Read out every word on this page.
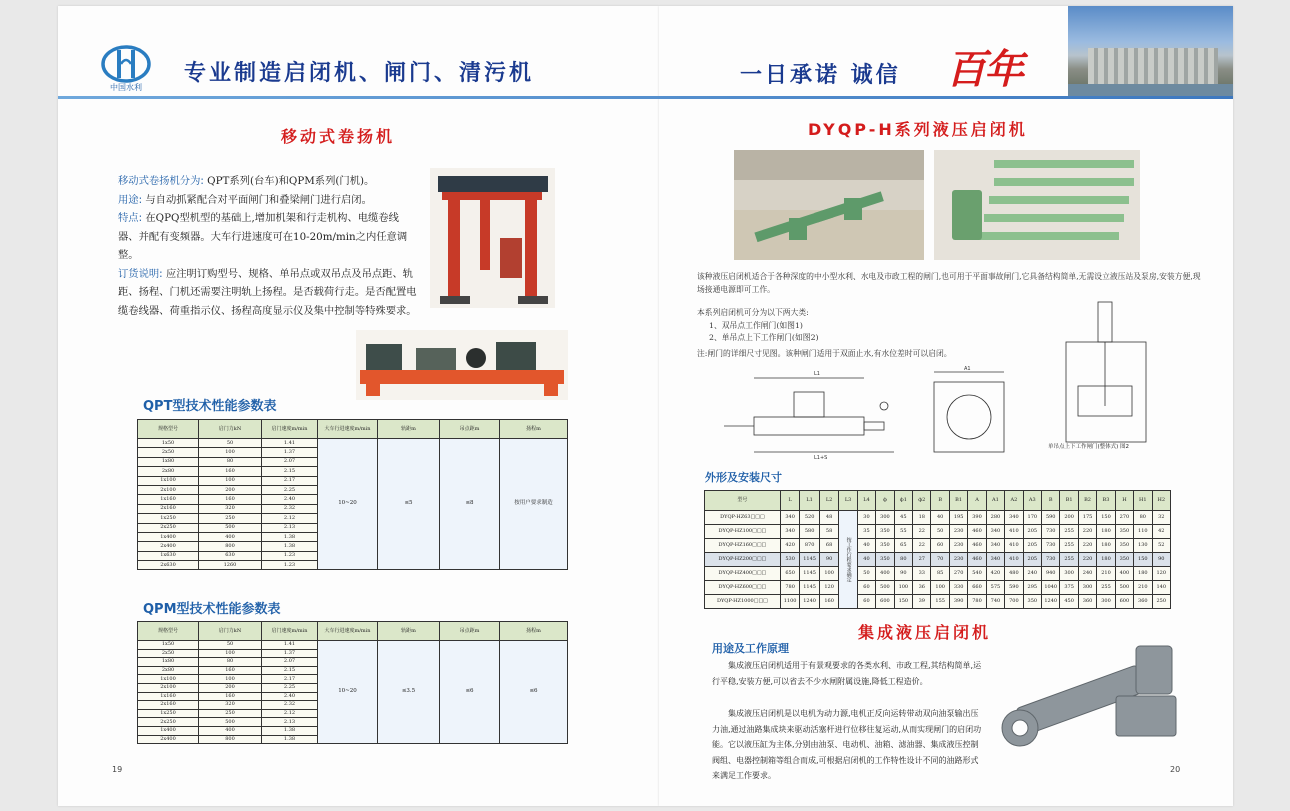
中国水利
专业制造启闭机、闸门、清污机	一日承诺 诚信 百年
移动式卷扬机
移动式卷扬机分为: QPT系列(台车)和QPM系列(门机)。
用途: 与自动抓紧配合对平面闸门和叠梁闸门进行启闭。
特点: 在QPQ型机型的基础上,增加机架和行走机构、电缆卷线器、并配有变频器。大车行进速度可在10-20m/min之内任意调整。
订货说明: 应注明订购型号、规格、单吊点或双吊点及吊点距、轨距、扬程、门机还需要注明轨上扬程。是否载荷行走。是否配置电缆卷线器、荷重指示仪、扬程高度显示仪及集中控制等特殊要求。
QPT型技术性能参数表
规格型号	启门力kN	启门速度m/min	大车行进速度m/min	轨距m	吊点距m	扬程m
1x50	50	1.41	10~20	≤5	≤8	按用户要求制造
2x50	100	1.37				
1x80	80	2.07				
2x80	160	2.15				
1x100	100	2.17				
2x100	200	2.25				
1x160	160	2.40				
2x160	320	2.32				
1x250	250	2.12				
2x250	500	2.13				
1x400	400	1.38				
2x400	800	1.38				
1x630	630	1.23				
2x630	1260	1.23				
QPM型技术性能参数表
规格型号	启门力kN	启门速度m/min	大车行进速度m/min	轨距m	吊点距m	扬程m
1x50	50	1.41	10~20	≤3.5	≤6	≤6
2x50	100	1.37				
1x80	80	2.07				
2x80	160	2.15				
1x100	100	2.17				
2x100	200	2.25				
1x160	160	2.40				
2x160	320	2.32				
1x250	250	2.12				
2x250	500	2.13				
1x400	400	1.38				
2x400	800	1.38				
19
DYQP-H系列液压启闭机
该种液压启闭机适合于各种深度的中小型水利、水电及市政工程的闸门,也可用于平面事故闸门,它具备结构简单,无需设立液压站及泵房,安装方便,现场接通电源即可工作。
本系列启闭机可分为以下两大类:
1、双吊点工作闸门(如图1)
2、单吊点上下工作闸门(如图2)
注:闸门的详细尺寸见图。该种闸门适用于双面止水,有水位差时可以启闭。
L1
L1+S
A1
单吊点上下工作闸门(整体式) 图2
外形及安装尺寸
型号	L	L1	L2	L3	L4	ф	ф1	ф2	B	B1	A	A1	A2	A3	B	B1	B2	B3	H	H1	H2
DYQP-HZ63□□□	340	520	48	按工作行程要求确定	30	300	45	18	40	195	390	280	340	170	590	200	175	150	270	80	32
DYQP-HZ100□□□	340	580	58		35	350	55	22	50	230	460	340	410	205	730	255	220	180	350	110	42
DYQP-HZ160□□□	420	870	68		40	350	65	22	60	230	460	340	410	205	730	255	220	180	350	130	52
DYQP-HZ200□□□	530	1145	90		40	350	80	27	70	230	460	340	410	205	730	255	220	180	350	150	90
DYQP-HZ400□□□	650	1145	100		50	400	90	33	85	270	540	420	480	240	940	300	240	210	400	180	120
DYQP-HZ600□□□	780	1145	120		60	500	100	36	100	330	660	575	590	295	1040	375	300	255	500	210	140
DYQP-HZ1000□□□	1100	1240	160		60	600	150	39	155	390	780	740	700	350	1240	450	360	300	600	360	250
集成液压启闭机
用途及工作原理
集成液压启闭机适用于有景观要求的各类水利、市政工程,其结构简单,运行平稳,安装方便,可以省去不少水闸附属设施,降低工程造价。
集成液压启闭机是以电机为动力源,电机正反向运转带动双向油泵输出压力油,通过油路集成块来驱动活塞杆进行位移往复运动,从而实现闸门的启闭功能。它以液压缸为主体,分别由油泵、电动机、油箱、滤油器、集成液压控制阀组、电器控制箱等组合而成,可根据启闭机的工作特性设计不同的油路形式来满足工作要求。
20
